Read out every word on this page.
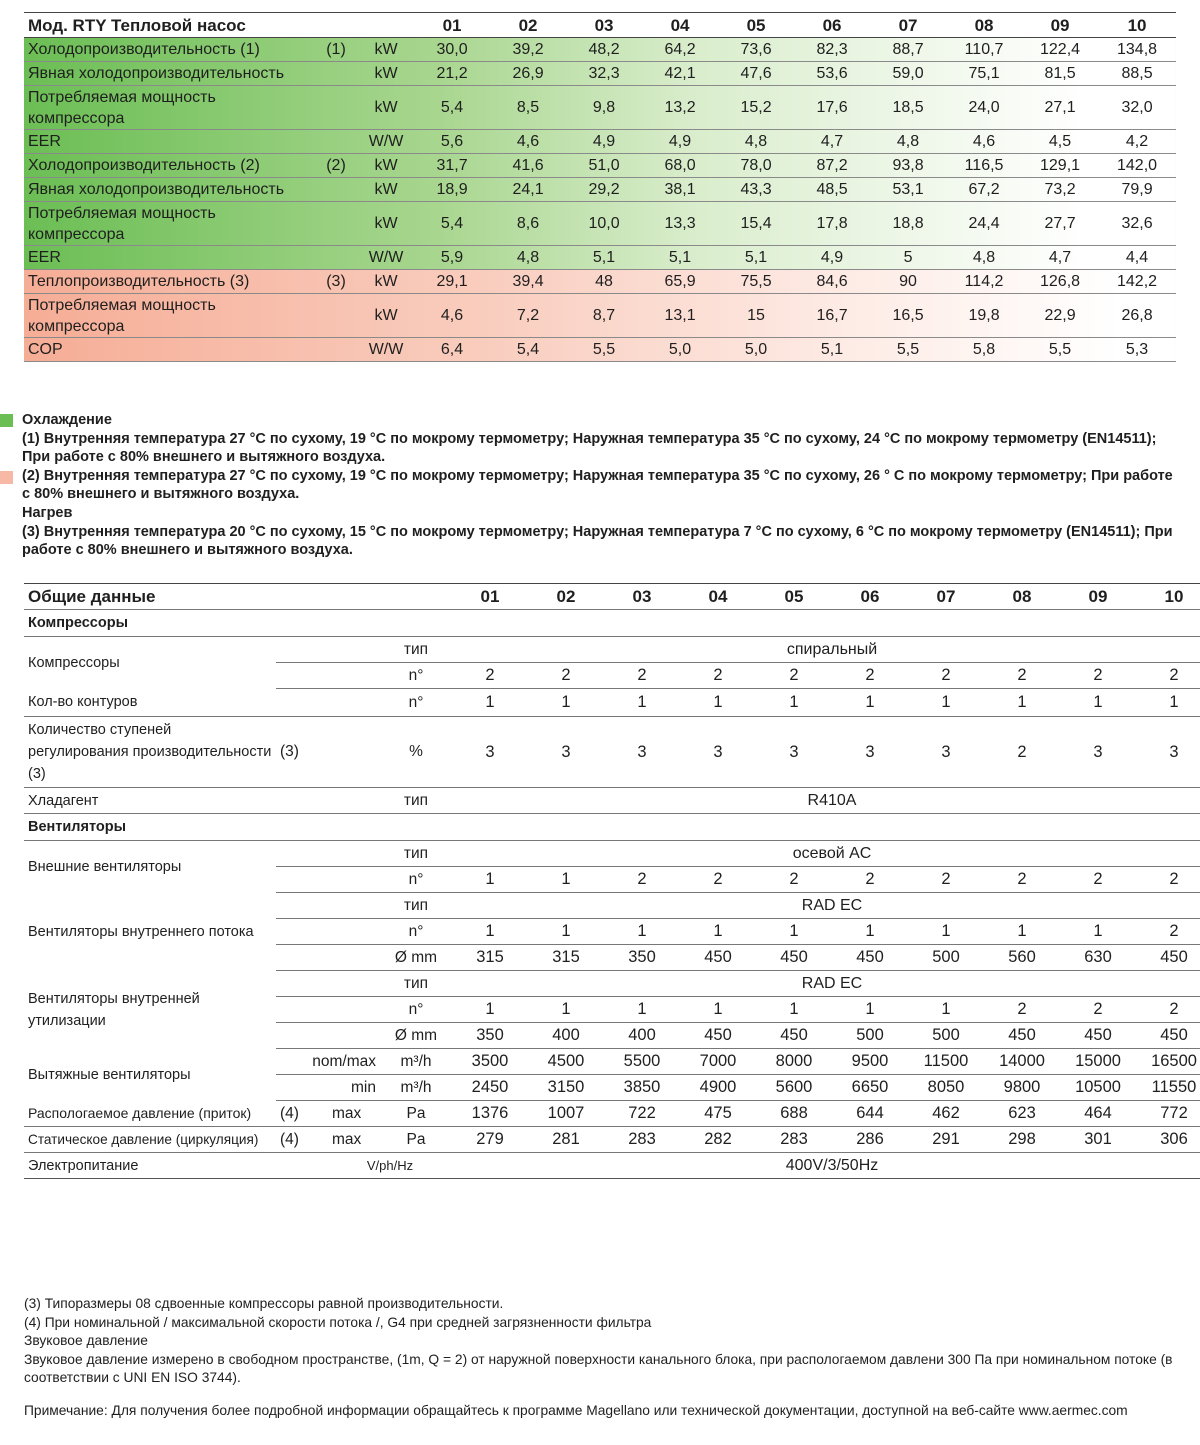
Мод. RTY Тепловой насос			01	02	03	04	05	06	07	08	09	10
Холодопроизводительность (1)	(1)	kW	30,0	39,2	48,2	64,2	73,6	82,3	88,7	110,7	122,4	134,8
Явная холодопроизводительность		kW	21,2	26,9	32,3	42,1	47,6	53,6	59,0	75,1	81,5	88,5
Потребляемая мощность компрессора		kW	5,4	8,5	9,8	13,2	15,2	17,6	18,5	24,0	27,1	32,0
EER		W/W	5,6	4,6	4,9	4,9	4,8	4,7	4,8	4,6	4,5	4,2
Холодопроизводительность (2)	(2)	kW	31,7	41,6	51,0	68,0	78,0	87,2	93,8	116,5	129,1	142,0
Явная холодопроизводительность		kW	18,9	24,1	29,2	38,1	43,3	48,5	53,1	67,2	73,2	79,9
Потребляемая мощность компрессора		kW	5,4	8,6	10,0	13,3	15,4	17,8	18,8	24,4	27,7	32,6
EER		W/W	5,9	4,8	5,1	5,1	5,1	4,9	5	4,8	4,7	4,4
Теплопроизводительность (3)	(3)	kW	29,1	39,4	48	65,9	75,5	84,6	90	114,2	126,8	142,2
Потребляемая мощность компрессора		kW	4,6	7,2	8,7	13,1	15	16,7	16,5	19,8	22,9	26,8
COP		W/W	6,4	5,4	5,5	5,0	5,0	5,1	5,5	5,8	5,5	5,3

Охлаждение

(1) Внутренняя температура 27 °C по сухому, 19 °C по мокрому термометру; Наружная температура 35 °C по сухому, 24 °C по мокрому термометру (EN14511); При работе с 80% внешнего и вытяжного воздуха.

(2) Внутренняя температура 27 °C по сухому, 19 °C по мокрому термометру; Наружная температура 35 °C по сухому, 26 ° C по мокрому термометру; При работе с 80% внешнего и вытяжного воздуха.

Нагрев

(3) Внутренняя температура 20 °C по сухому, 15 °C по мокрому термометру; Наружная температура 7 °C по сухому, 6 °C по мокрому термометру (EN14511); При работе с 80% внешнего и вытяжного воздуха.

Общие данные				01	02	03	04	05	06	07	08	09	10
Компрессоры													
Компрессоры			тип	спиральный									
			n°	2	2	2	2	2	2	2	2	2	2
Кол-во контуров			n°	1	1	1	1	1	1	1	1	1	1
Количество ступеней регулирования производительности (3)	(3)		%	3	3	3	3	3	3	3	2	3	3
Хладагент			тип	R410A									
Вентиляторы													
Внешние вентиляторы			тип	осевой AC									
			n°	1	1	2	2	2	2	2	2	2	2
Вентиляторы внутреннего потока			тип	RAD EC									
			n°	1	1	1	1	1	1	1	1	1	2
			Ø mm	315	315	350	450	450	450	500	560	630	450
Вентиляторы внутренней утилизации			тип	RAD EC									
			n°	1	1	1	1	1	1	1	2	2	2
			Ø mm	350	400	400	450	450	500	500	450	450	450
Вытяжные вентиляторы	nom/max		m³/h	3500	4500	5500	7000	8000	9500	11500	14000	15000	16500
	min		m³/h	2450	3150	3850	4900	5600	6650	8050	9800	10500	11550
Распологаемое давление (приток)	(4)	max	Pa	1376	1007	722	475	688	644	462	623	464	772
Статическое давление (циркуляция)	(4)	max	Pa	279	281	283	282	283	286	291	298	301	306
Электропитание		V/ph/Hz		400V/3/50Hz									

(3) Типоразмеры 08 сдвоенные компрессоры равной производительности.

(4) При номинальной / максимальной скорости потока /, G4 при средней загрязненности фильтра

Звуковое давление

Звуковое давление измерено в свободном пространстве, (1m, Q = 2) от наружной поверхности канального блока, при распологаемом давлени 300 Па при номинальном потоке (в соответствии с UNI EN ISO 3744).

Примечание: Для получения более подробной информации обращайтесь к программе Magellano или технической документации, доступной на веб-сайте www.aermec.com
